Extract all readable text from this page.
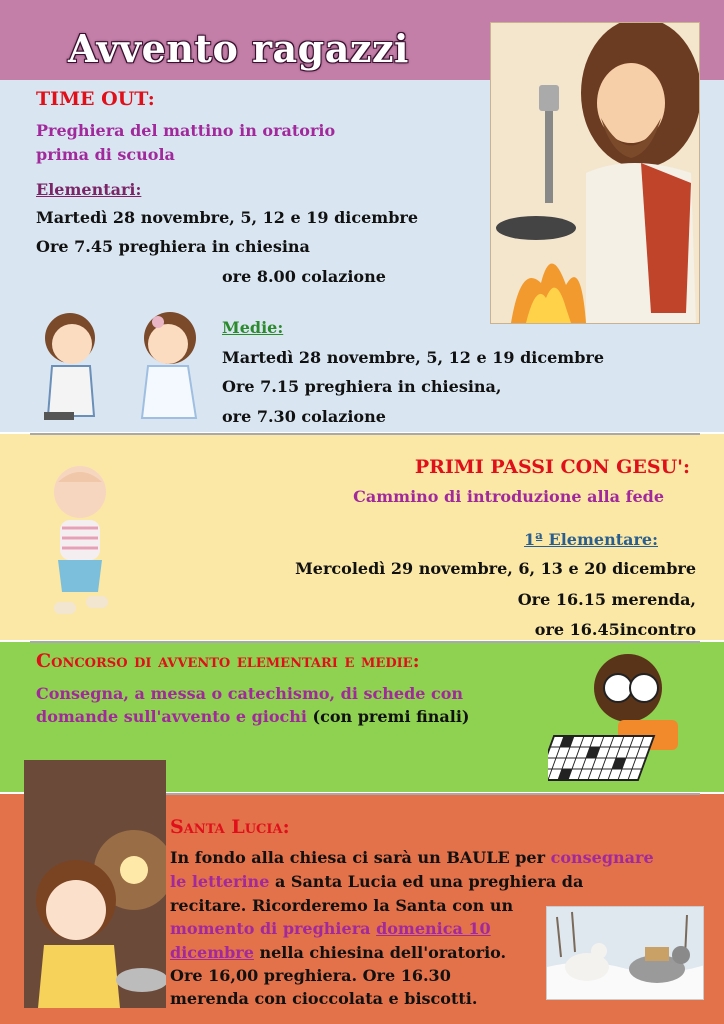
Avvento ragazzi
TIME OUT:
Preghiera del mattino in oratorio
prima di scuola
Elementari:
Martedì 28 novembre, 5, 12 e 19 dicembre
Ore 7.45 preghiera in chiesina
ore 8.00 colazione
Medie:
Martedì 28 novembre, 5, 12 e 19 dicembre
Ore 7.15 preghiera in chiesina,
ore 7.30 colazione
PRIMI PASSI CON GESU':
Cammino di introduzione alla fede
1ª Elementare:
Mercoledì 29 novembre, 6, 13 e 20 dicembre
Ore 16.15 merenda,
ore 16.45incontro
Concorso di avvento elementari e medie:
Consegna, a messa o catechismo, di schede con
domande sull'avvento e giochi (con premi finali)
Santa Lucia:
In fondo alla chiesa ci sarà un BAULE per consegnare
le letterine a Santa Lucia ed una preghiera da
recitare. Ricorderemo la Santa con un
momento di preghiera domenica 10
dicembre nella chiesina dell'oratorio.
Ore 16,00 preghiera. Ore 16.30
merenda con cioccolata e biscotti.
